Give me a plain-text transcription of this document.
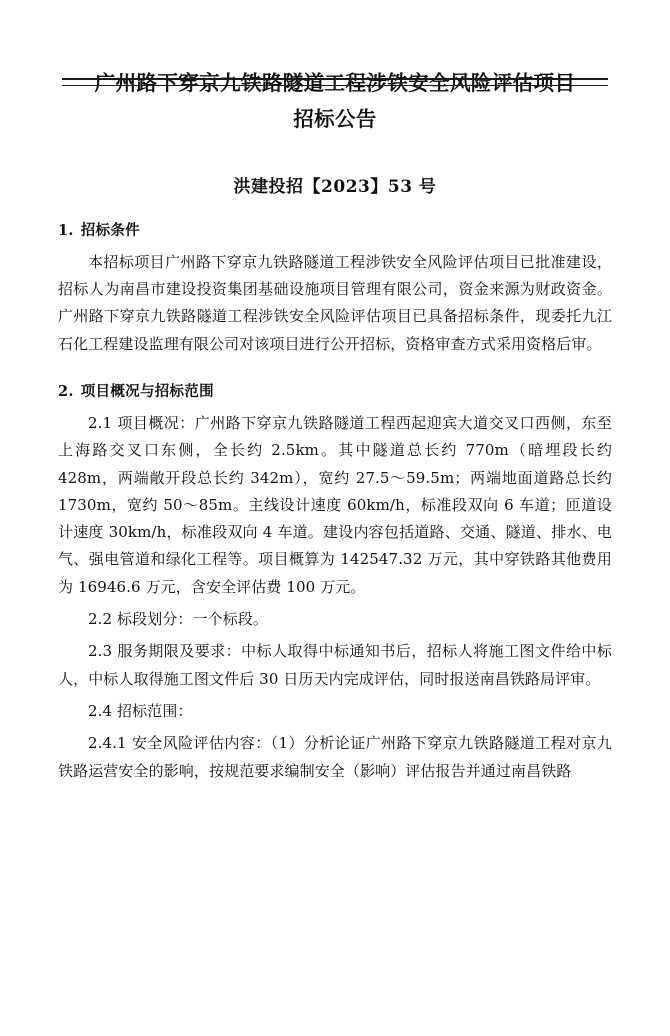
广州路下穿京九铁路隧道工程涉铁安全风险评估项目
招标公告
洪建投招【2023】53 号
1. 招标条件

本招标项目广州路下穿京九铁路隧道工程涉铁安全风险评估项目已批准建设，招标人为南昌市建设投资集团基础设施项目管理有限公司，资金来源为财政资金。广州路下穿京九铁路隧道工程涉铁安全风险评估项目已具备招标条件，现委托九江石化工程建设监理有限公司对该项目进行公开招标，资格审查方式采用资格后审。

2. 项目概况与招标范围

2.1 项目概况：广州路下穿京九铁路隧道工程西起迎宾大道交叉口西侧，东至上海路交叉口东侧，全长约 2.5km。其中隧道总长约 770m（暗埋段长约 428m，两端敞开段总长约 342m），宽约 27.5～59.5m；两端地面道路总长约 1730m，宽约 50～85m。主线设计速度 60km/h，标准段双向 6 车道；匝道设计速度 30km/h，标准段双向 4 车道。建设内容包括道路、交通、隧道、排水、电气、强电管道和绿化工程等。项目概算为 142547.32 万元，其中穿铁路其他费用为 16946.6 万元，含安全评估费 100 万元。

2.2 标段划分：一个标段。

2.3 服务期限及要求：中标人取得中标通知书后，招标人将施工图文件给中标人，中标人取得施工图文件后 30 日历天内完成评估，同时报送南昌铁路局评审。

2.4 招标范围：

2.4.1 安全风险评估内容：（1）分析论证广州路下穿京九铁路隧道工程对京九铁路运营安全的影响，按规范要求编制安全（影响）评估报告并通过南昌铁路
